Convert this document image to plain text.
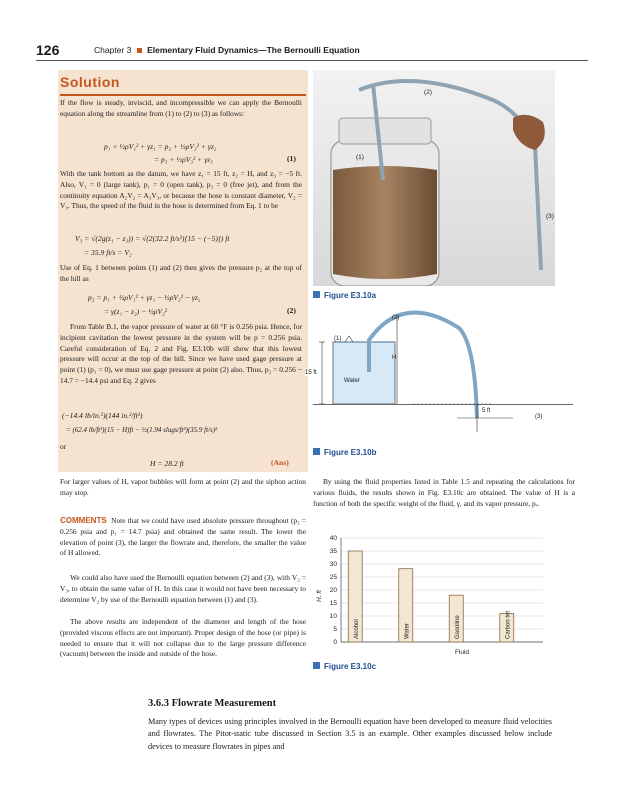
126	Chapter 3 Elementary Fluid Dynamics—The Bernoulli Equation
Solution
If the flow is steady, inviscid, and incompressible we can apply the Bernoulli equation along the streamline from (1) to (2) to (3) as follows:
p₁ + ½ρV₁² + γz₁ = p₂ + ½ρV₂² + γz₂
= p₃ + ½ρV₃² + γz₃	(1)
With the tank bottom as the datum, we have z₁ = 15 ft, z₂ = H, and z₃ = −5 ft. Also, V₁ = 0 (large tank), p₁ = 0 (open tank), p₃ = 0 (free jet), and from the continuity equation A₂V₂ = A₃V₃, or because the hose is constant diameter, V₂ = V₃. Thus, the speed of the fluid in the hose is determined from Eq. 1 to be
V₃ = √(2g(z₁ − z₃)) = √(2(32.2 ft/s²)[15 − (−5)]) ft
= 35.9 ft/s = V₂
Use of Eq. 1 between points (1) and (2) then gives the pressure p₂ at the top of the hill as
p₂ = p₁ + ½ρV₁² + γz₁ − ½ρV₂² − γz₂
= γ(z₁ − z₂) − ½ρV₂²	(2)
From Table B.1, the vapor pressure of water at 60 °F is 0.256 psia. Hence, for incipient cavitation the lowest pressure in the system will be p = 0.256 psia. Careful consideration of Eq. 2 and Fig. E3.10b will show that this lowest pressure will occur at the top of the hill. Since we have used gage pressure at point (1) (p₁ = 0), we must use gage pressure at point (2) also. Thus, p₂ = 0.256 − 14.7 = −14.4 psi and Eq. 2 gives
(−14.4 lb/in.²)(144 in.²/ft²)
= (62.4 lb/ft³)(15 − H)ft − ½(1.94 slugs/ft³)(35.9 ft/s)²
or
H = 28.2 ft	(Ans)
For larger values of H, vapor bubbles will form at point (2) and the siphon action may stop.
COMMENTS Note that we could have used absolute pressure throughout (p₂ = 0.256 psia and p₁ = 14.7 psia) and obtained the same result. The lower the elevation of point (3), the larger the flowrate and, therefore, the smaller the value of H allowed.
We could also have used the Bernoulli equation between (2) and (3), with V₂ = V₃, to obtain the same value of H. In this case it would not have been necessary to determine V₂ by use of the Bernoulli equation between (1) and (3).
The above results are independent of the diameter and length of the hose (provided viscous effects are not important). Proper design of the hose (or pipe) is needed to ensure that it will not collapse due to the large pressure difference (vacuum) between the inside and outside of the hose.
(2)
(1)
(3)
Figure E3.10a
(1)
(2)
(3)
15 ft
H
Water
5 ft
Figure E3.10b
By using the fluid properties listed in Table 1.5 and repeating the calculations for various fluids, the results shown in Fig. E3.10c are obtained. The value of H is a function of both the specific weight of the fluid, γ, and its vapor pressure, pᵥ.
0
5
10
15
20
25
30
35
40
Alcohol	Water	Gasoline	Carbon tet
H, ft
Fluid
Figure E3.10c
3.6.3 Flowrate Measurement
Many types of devices using principles involved in the Bernoulli equation have been developed to measure fluid velocities and flowrates. The Pitot-static tube discussed in Section 3.5 is an example. Other examples discussed below include devices to measure flowrates in pipes and
